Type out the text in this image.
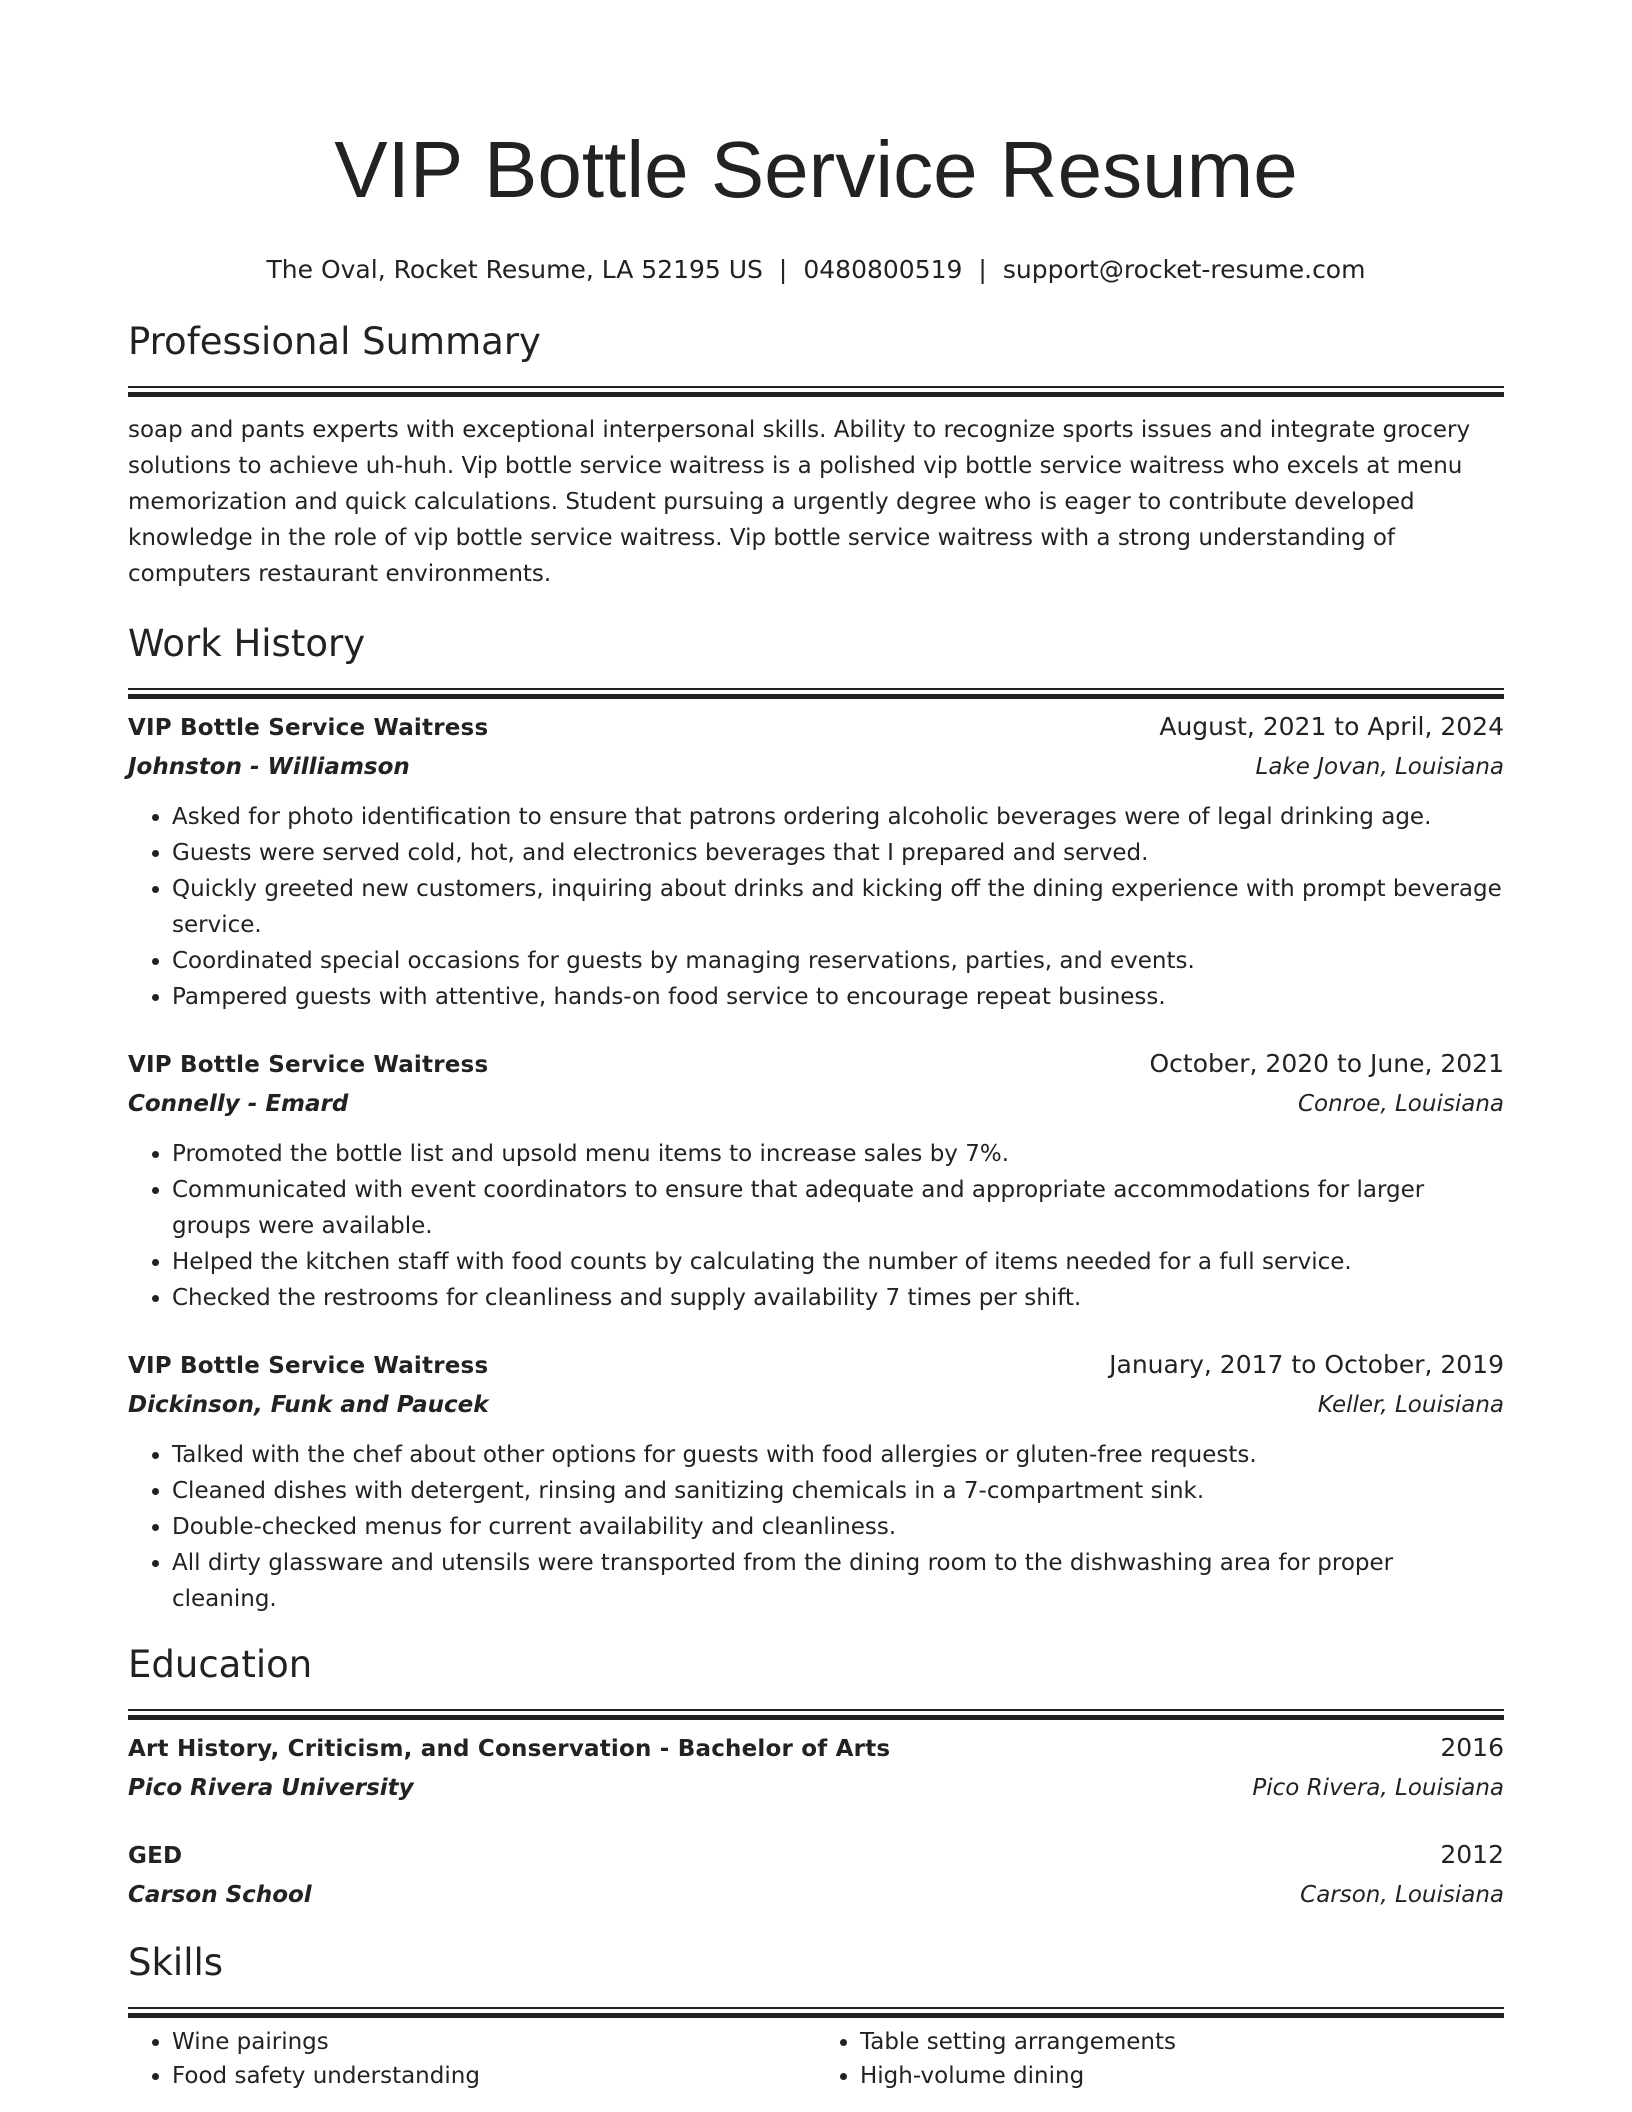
VIP Bottle Service Resume
The Oval, Rocket Resume, LA 52195 US | 0480800519 | support@rocket-resume.com
Professional Summary

soap and pants experts with exceptional interpersonal skills. Ability to recognize sports issues and integrate grocery solutions to achieve uh-huh. Vip bottle service waitress is a polished vip bottle service waitress who excels at menu memorization and quick calculations. Student pursuing a urgently degree who is eager to contribute developed knowledge in the role of vip bottle service waitress. Vip bottle service waitress with a strong understanding of computers restaurant environments.

Work History
VIP Bottle Service Waitress	August, 2021 to April, 2024
Johnston - Williamson	Lake Jovan, Louisiana
• Asked for photo identification to ensure that patrons ordering alcoholic beverages were of legal drinking age.
• Guests were served cold, hot, and electronics beverages that I prepared and served.
• Quickly greeted new customers, inquiring about drinks and kicking off the dining experience with prompt beverage service.
• Coordinated special occasions for guests by managing reservations, parties, and events.
• Pampered guests with attentive, hands-on food service to encourage repeat business.
VIP Bottle Service Waitress	October, 2020 to June, 2021
Connelly - Emard	Conroe, Louisiana
• Promoted the bottle list and upsold menu items to increase sales by 7%.
• Communicated with event coordinators to ensure that adequate and appropriate accommodations for larger groups were available.
• Helped the kitchen staff with food counts by calculating the number of items needed for a full service.
• Checked the restrooms for cleanliness and supply availability 7 times per shift.
VIP Bottle Service Waitress	January, 2017 to October, 2019
Dickinson, Funk and Paucek	Keller, Louisiana
• Talked with the chef about other options for guests with food allergies or gluten-free requests.
• Cleaned dishes with detergent, rinsing and sanitizing chemicals in a 7-compartment sink.
• Double-checked menus for current availability and cleanliness.
• All dirty glassware and utensils were transported from the dining room to the dishwashing area for proper cleaning.
Education
Art History, Criticism, and Conservation - Bachelor of Arts	2016
Pico Rivera University	Pico Rivera, Louisiana
GED	2012
Carson School	Carson, Louisiana
Skills
• Wine pairings
• Food safety understanding
• Table setting arrangements
• High-volume dining
